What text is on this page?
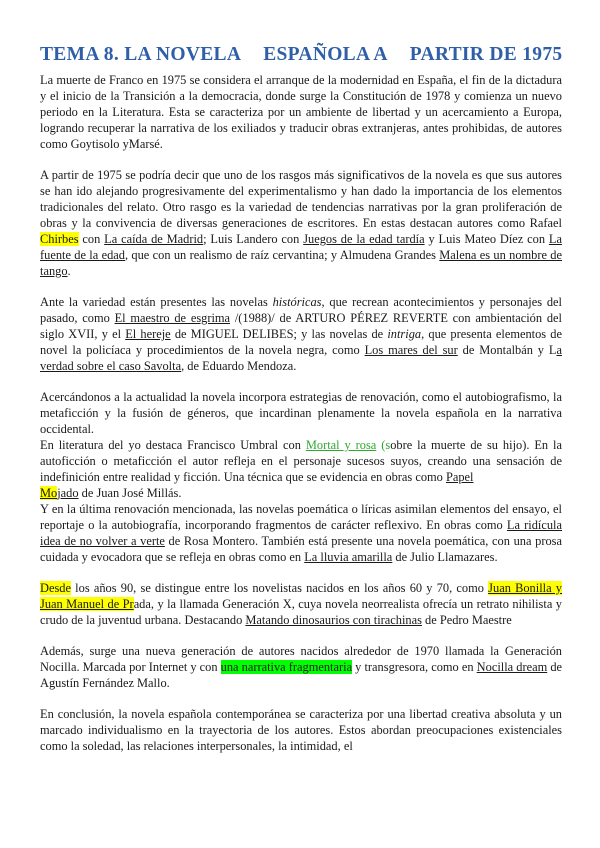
TEMA 8. LA NOVELA ESPAÑOLA A PARTIR DE 1975

La muerte de Franco en 1975 se considera el arranque de la modernidad en España, el fin de la dictadura y el inicio de la Transición a la democracia, donde surge la Constitución de 1978 y comienza un nuevo periodo en la Literatura. Esta se caracteriza por un ambiente de libertad y un acercamiento a Europa, logrando recuperar la narrativa de los exiliados y traducir obras extranjeras, antes prohibidas, de autores como Goytisolo yMarsé.

A partir de 1975 se podría decir que uno de los rasgos más significativos de la novela es que sus autores se han ido alejando progresivamente del experimentalismo y han dado la importancia de los elementos tradicionales del relato. Otro rasgo es la variedad de tendencias narrativas por la gran proliferación de obras y la convivencia de diversas generaciones de escritores. En estas destacan autores como Rafael Chirbes con La caída de Madrid; Luis Landero con Juegos de la edad tardía y Luis Mateo Díez con La fuente de la edad, que con un realismo de raíz cervantina; y Almudena Grandes Malena es un nombre de tango.

Ante la variedad están presentes las novelas históricas, que recrean acontecimientos y personajes del pasado, como El maestro de esgrima /(1988)/ de ARTURO PÉREZ REVERTE con ambientación del siglo XVII, y el El hereje de MIGUEL DELIBES; y las novelas de intriga, que presenta elementos de novel la policíaca y procedimientos de la novela negra, como Los mares del sur de Montalbán y La verdad sobre el caso Savolta, de Eduardo Mendoza.

Acercándonos a la actualidad la novela incorpora estrategias de renovación, como el autobiografismo, la metaficción y la fusión de géneros, que incardinan plenamente la novela española en la narrativa occidental.

En literatura del yo destaca Francisco Umbral con Mortal y rosa (sobre la muerte de su hijo). En la autoficción o metaficción el autor refleja en el personaje sucesos suyos, creando una sensación de indefinición entre realidad y ficción. Una técnica que se evidencia en obras como Papel
Mojado de Juan José Millás.

Y en la última renovación mencionada, las novelas poemática o líricas asimilan elementos del ensayo, el reportaje o la autobiografía, incorporando fragmentos de carácter reflexivo. En obras como La ridícula idea de no volver a verte de Rosa Montero. También está presente una novela poemática, con una prosa cuidada y evocadora que se refleja en obras como en La lluvia amarilla de Julio Llamazares.

Desde los años 90, se distingue entre los novelistas nacidos en los años 60 y 70, como Juan Bonilla y Juan Manuel de Prada, y la llamada Generación X, cuya novela neorrealista ofrecía un retrato nihilista y crudo de la juventud urbana. Destacando Matando dinosaurios con tirachinas de Pedro Maestre

Además, surge una nueva generación de autores nacidos alrededor de 1970 llamada la Generación Nocilla. Marcada por Internet y con una narrativa fragmentaria y transgresora, como en Nocilla dream de Agustín Fernández Mallo.

En conclusión, la novela española contemporánea se caracteriza por una libertad creativa absoluta y un marcado individualismo en la trayectoria de los autores. Estos abordan preocupaciones existenciales como la soledad, las relaciones interpersonales, la intimidad, el
